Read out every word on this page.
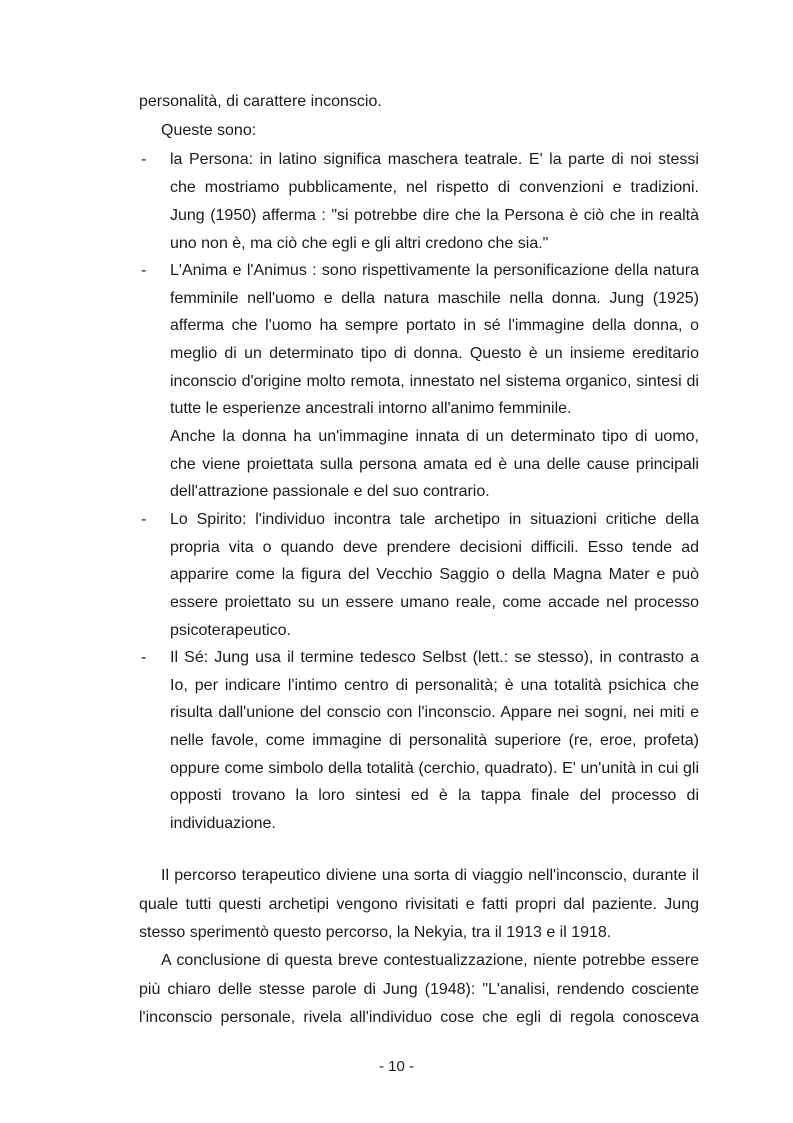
personalità, di carattere inconscio.
Queste sono:
- la Persona: in latino significa maschera teatrale. E' la parte di noi stessi
che mostriamo pubblicamente, nel rispetto di convenzioni e tradizioni.
Jung (1950) afferma : "si potrebbe dire che la Persona è ciò che in realtà
uno non è, ma ciò che egli e gli altri credono che sia."
- L'Anima e l'Animus : sono rispettivamente la personificazione della natura
femminile nell'uomo e della natura maschile nella donna. Jung (1925)
afferma che l'uomo ha sempre portato in sé l'immagine della donna, o
meglio di un determinato tipo di donna. Questo è un insieme ereditario
inconscio d'origine molto remota, innestato nel sistema organico, sintesi di
tutte le esperienze ancestrali intorno all'animo femminile.
Anche la donna ha un'immagine innata di un determinato tipo di uomo,
che viene proiettata sulla persona amata ed è una delle cause principali
dell'attrazione passionale e del suo contrario.
- Lo Spirito: l'individuo incontra tale archetipo in situazioni critiche della
propria vita o quando deve prendere decisioni difficili. Esso tende ad
apparire come la figura del Vecchio Saggio o della Magna Mater e può
essere proiettato su un essere umano reale, come accade nel processo
psicoterapeutico.
- Il Sé: Jung usa il termine tedesco Selbst (lett.: se stesso), in contrasto a
Io, per indicare l'intimo centro di personalità; è una totalità psichica che
risulta dall'unione del conscio con l'inconscio. Appare nei sogni, nei miti e
nelle favole, come immagine di personalità superiore (re, eroe, profeta)
oppure come simbolo della totalità (cerchio, quadrato). E' un'unità in cui gli
opposti trovano la loro sintesi ed è la tappa finale del processo di
individuazione.
Il percorso terapeutico diviene una sorta di viaggio nell'inconscio, durante il
quale tutti questi archetipi vengono rivisitati e fatti propri dal paziente. Jung
stesso sperimentò questo percorso, la Nekyia, tra il 1913 e il 1918.
A conclusione di questa breve contestualizzazione, niente potrebbe essere
più chiaro delle stesse parole di Jung (1948): "L'analisi, rendendo cosciente
l'inconscio personale, rivela all'individuo cose che egli di regola conosceva
- 10 -
